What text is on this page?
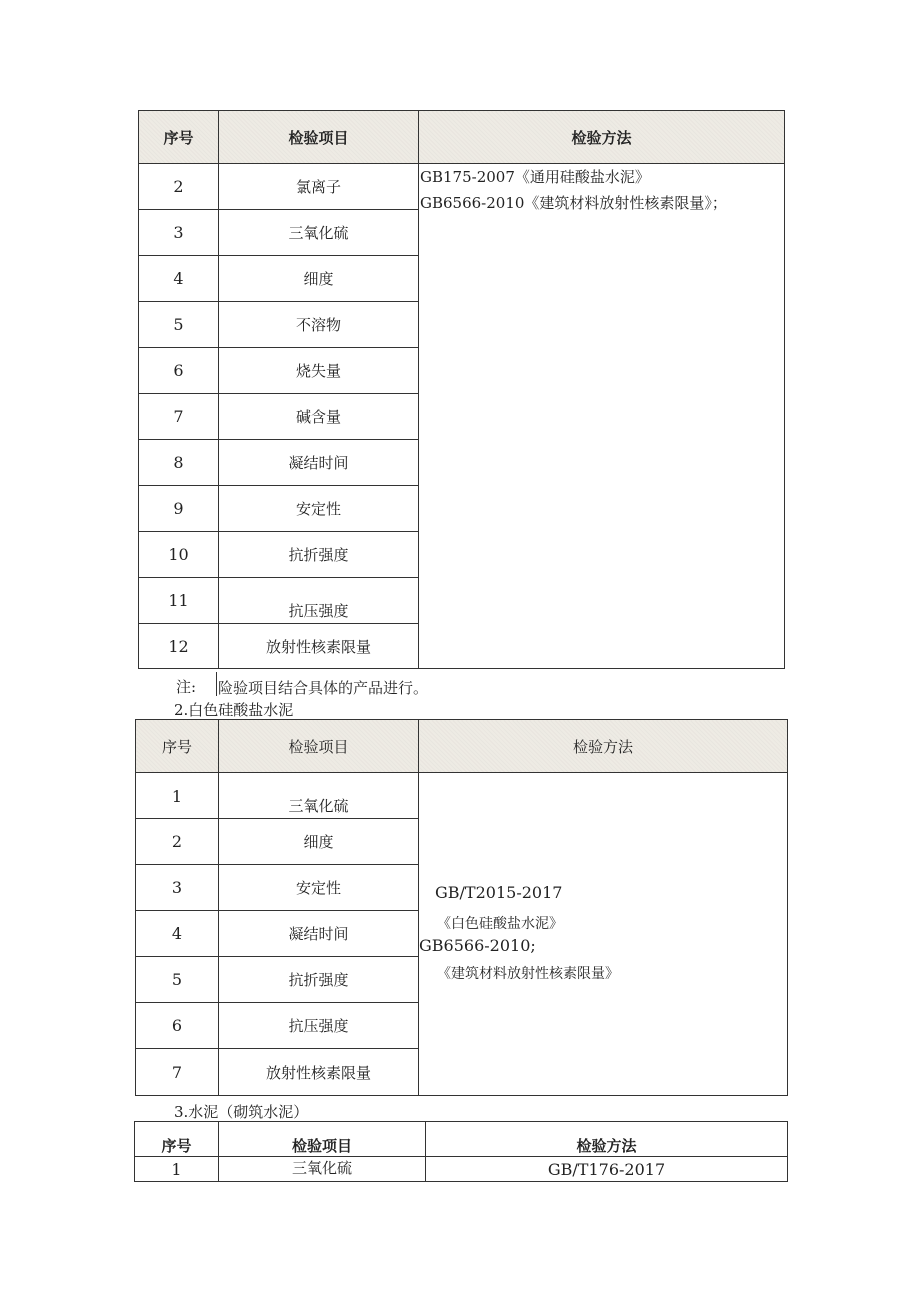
序号	检验项目	检验方法
2	氯离子	GB175-2007《通用硅酸盐水泥》
GB6566-2010《建筑材料放射性核素限量》；

3	三氧化硫	
4	细度	
5	不溶物	
6	烧失量	
7	碱含量	
8	凝结时间	
9	安定性	
10	抗折强度	
11	抗压强度	
12	放射性核素限量	
注: 险验项目结合具体的产品进行。
2.白色硅酸盐水泥
序号	检验项目	检验方法
1	三氧化硫	GB/T2015-2017
《白色硅酸盐水泥》
GB6566-2010;
《建筑材料放射性核素限量》

2	细度	
3	安定性	
4	凝结时间	
5	抗折强度	
6	抗压强度	
7	放射性核素限量	
3.水泥（砌筑水泥）
序号	检验项目	检验方法
1	三氧化硫	GB/T176-2017
